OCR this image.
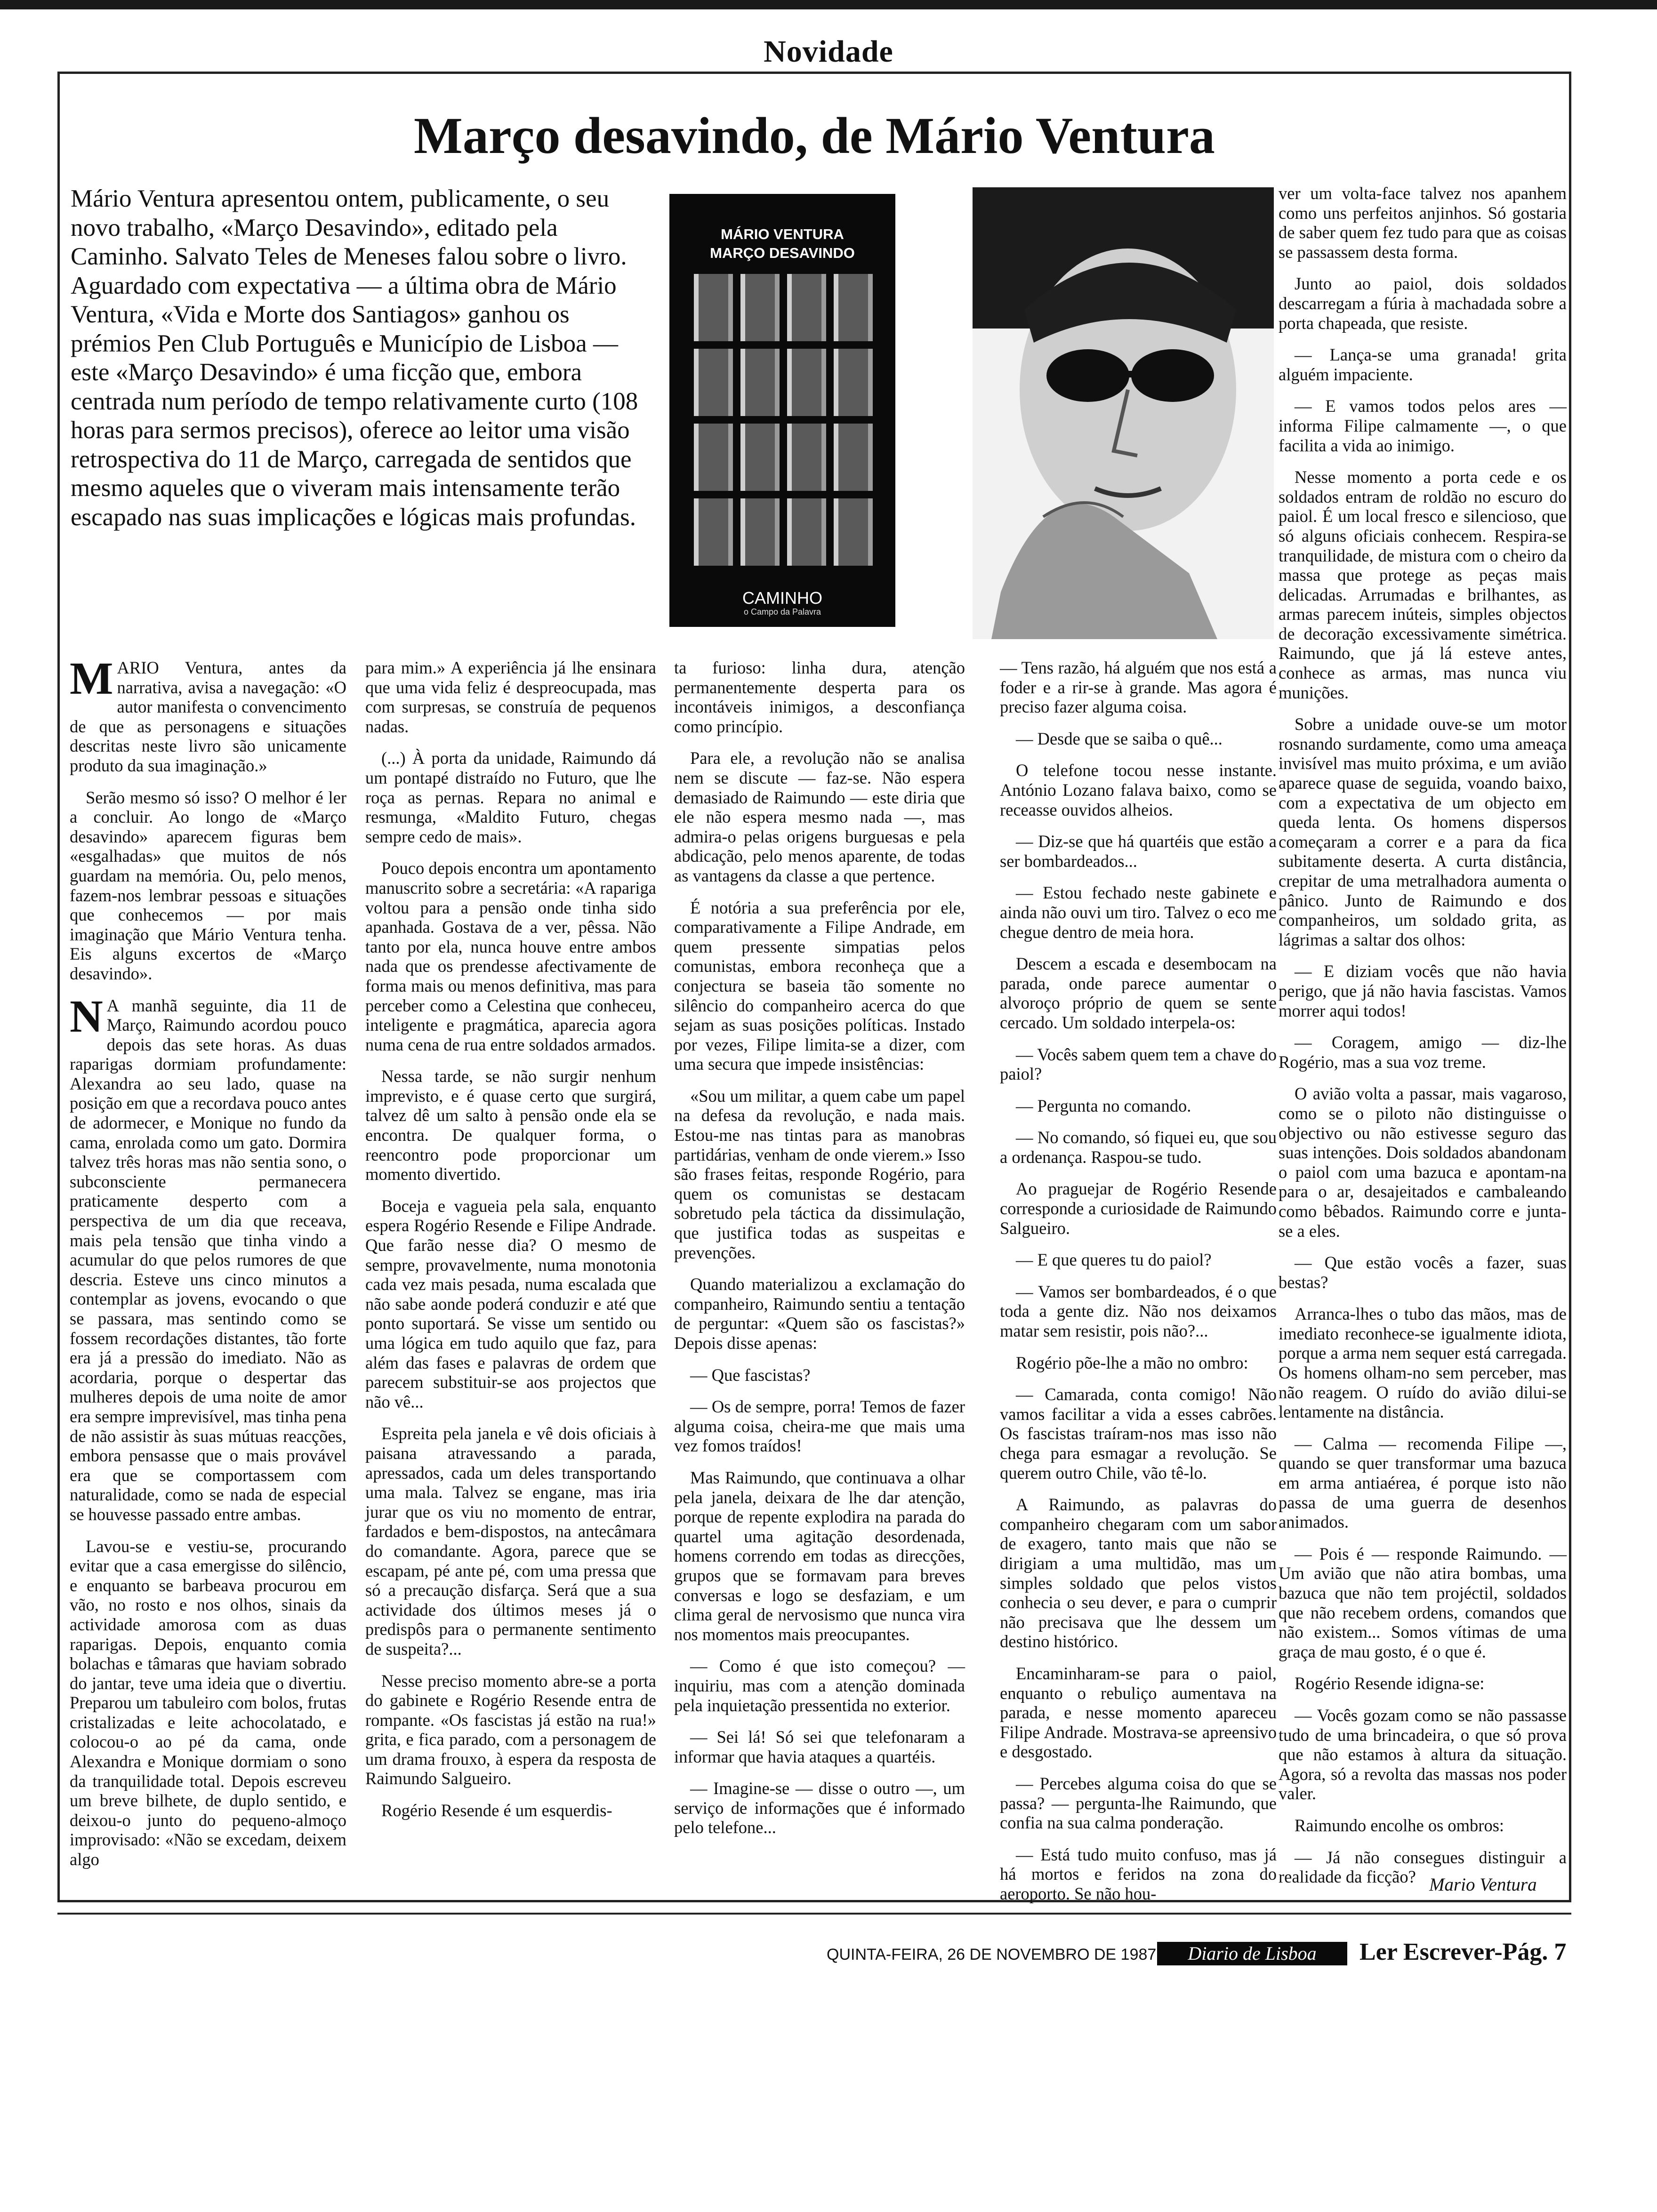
Novidade
Março desavindo, de Mário Ventura

Mário Ventura apresentou ontem, publicamente, o seu novo trabalho, «Março Desavindo», editado pela Caminho. Salvato Teles de Meneses falou sobre o livro.

Aguardado com expectativa — a última obra de Mário Ventura, «Vida e Morte dos Santiagos» ganhou os prémios Pen Club Português e Município de Lisboa — este «Março Desavindo» é uma ficção que, embora centrada num período de tempo relativamente curto (108 horas para sermos precisos), oferece ao leitor uma visão retrospectiva do 11 de Março, carregada de sentidos que mesmo aqueles que o viveram mais intensamente terão escapado nas suas implicações e lógicas mais profundas.

MÁRIO VENTURA
MARÇO DESAVINDO
CAMINHO
o Campo da Palavra

MARIO Ventura, antes da narrativa, avisa a navegação: «O autor manifesta o convencimento de que as personagens e situações descritas neste livro são unicamente produto da sua imaginação.»

Serão mesmo só isso? O melhor é ler a concluir. Ao longo de «Março desavindo» aparecem figuras bem «esgalhadas» que muitos de nós guardam na memória. Ou, pelo menos, fazem-nos lembrar pessoas e situações que conhecemos — por mais imaginação que Mário Ventura tenha. Eis alguns excertos de «Março desavindo».

N A manhã seguinte, dia 11 de Março, Raimundo acordou pouco depois das sete horas. As duas raparigas dormiam profundamente: Alexandra ao seu lado, quase na posição em que a recordava pouco antes de adormecer, e Monique no fundo da cama, enrolada como um gato. Dormira talvez três horas mas não sentia sono, o subconsciente permanecera praticamente desperto com a perspectiva de um dia que receava, mais pela tensão que tinha vindo a acumular do que pelos rumores de que descria. Esteve uns cinco minutos a contemplar as jovens, evocando o que se passara, mas sentindo como se fossem recordações distantes, tão forte era já a pressão do imediato. Não as acordaria, porque o despertar das mulheres depois de uma noite de amor era sempre imprevisível, mas tinha pena de não assistir às suas mútuas reacções, embora pensasse que o mais provável era que se comportassem com naturalidade, como se nada de especial se houvesse passado entre ambas.

Lavou-se e vestiu-se, procurando evitar que a casa emergisse do silêncio, e enquanto se barbeava procurou em vão, no rosto e nos olhos, sinais da actividade amorosa com as duas raparigas. Depois, enquanto comia bolachas e tâmaras que haviam sobrado do jantar, teve uma ideia que o divertiu. Preparou um tabuleiro com bolos, frutas cristalizadas e leite achocolatado, e colocou-o ao pé da cama, onde Alexandra e Monique dormiam o sono da tranquilidade total. Depois escreveu um breve bilhete, de duplo sentido, e deixou-o junto do pequeno-almoço improvisado: «Não se excedam, deixem algo

para mim.» A experiência já lhe ensinara que uma vida feliz é despreocupada, mas com surpresas, se construía de pequenos nadas.

(...) À porta da unidade, Raimundo dá um pontapé distraído no Futuro, que lhe roça as pernas. Repara no animal e resmunga, «Maldito Futuro, chegas sempre cedo de mais».

Pouco depois encontra um apontamento manuscrito sobre a secretária: «A rapariga voltou para a pensão onde tinha sido apanhada. Gostava de a ver, pêssa. Não tanto por ela, nunca houve entre ambos nada que os prendesse afectivamente de forma mais ou menos definitiva, mas para perceber como a Celestina que conheceu, inteligente e pragmática, aparecia agora numa cena de rua entre soldados armados.

Nessa tarde, se não surgir nenhum imprevisto, e é quase certo que surgirá, talvez dê um salto à pensão onde ela se encontra. De qualquer forma, o reencontro pode proporcionar um momento divertido.

Boceja e vagueia pela sala, enquanto espera Rogério Resende e Filipe Andrade. Que farão nesse dia? O mesmo de sempre, provavelmente, numa monotonia cada vez mais pesada, numa escalada que não sabe aonde poderá conduzir e até que ponto suportará. Se visse um sentido ou uma lógica em tudo aquilo que faz, para além das fases e palavras de ordem que parecem substituir-se aos projectos que não vê...

Espreita pela janela e vê dois oficiais à paisana atravessando a parada, apressados, cada um deles transportando uma mala. Talvez se engane, mas iria jurar que os viu no momento de entrar, fardados e bem-dispostos, na antecâmara do comandante. Agora, parece que se escapam, pé ante pé, com uma pressa que só a precaução disfarça. Será que a sua actividade dos últimos meses já o predispôs para o permanente sentimento de suspeita?...

Nesse preciso momento abre-se a porta do gabinete e Rogério Resende entra de rompante. «Os fascistas já estão na rua!» grita, e fica parado, com a personagem de um drama frouxo, à espera da resposta de Raimundo Salgueiro.

Rogério Resende é um esquerdis-

ta furioso: linha dura, atenção permanentemente desperta para os incontáveis inimigos, a desconfiança como princípio.

Para ele, a revolução não se analisa nem se discute — faz-se. Não espera demasiado de Raimundo — este diria que ele não espera mesmo nada —, mas admira-o pelas origens burguesas e pela abdicação, pelo menos aparente, de todas as vantagens da classe a que pertence.

É notória a sua preferência por ele, comparativamente a Filipe Andrade, em quem pressente simpatias pelos comunistas, embora reconheça que a conjectura se baseia tão somente no silêncio do companheiro acerca do que sejam as suas posições políticas. Instado por vezes, Filipe limita-se a dizer, com uma secura que impede insistências:

«Sou um militar, a quem cabe um papel na defesa da revolução, e nada mais. Estou-me nas tintas para as manobras partidárias, venham de onde vierem.» Isso são frases feitas, responde Rogério, para quem os comunistas se destacam sobretudo pela táctica da dissimulação, que justifica todas as suspeitas e prevenções.

Quando materializou a exclamação do companheiro, Raimundo sentiu a tentação de perguntar: «Quem são os fascistas?» Depois disse apenas:

— Que fascistas?

— Os de sempre, porra! Temos de fazer alguma coisa, cheira-me que mais uma vez fomos traídos!

Mas Raimundo, que continuava a olhar pela janela, deixara de lhe dar atenção, porque de repente explodira na parada do quartel uma agitação desordenada, homens correndo em todas as direcções, grupos que se formavam para breves conversas e logo se desfaziam, e um clima geral de nervosismo que nunca vira nos momentos mais preocupantes.

— Como é que isto começou? — inquiriu, mas com a atenção dominada pela inquietação pressentida no exterior.

— Sei lá! Só sei que telefonaram a informar que havia ataques a quartéis.

— Imagine-se — disse o outro —, um serviço de informações que é informado pelo telefone...

— Tens razão, há alguém que nos está a foder e a rir-se à grande. Mas agora é preciso fazer alguma coisa.

— Desde que se saiba o quê...

O telefone tocou nesse instante. António Lozano falava baixo, como se receasse ouvidos alheios.

— Diz-se que há quartéis que estão a ser bombardeados...

— Estou fechado neste gabinete e ainda não ouvi um tiro. Talvez o eco me chegue dentro de meia hora.

Descem a escada e desembocam na parada, onde parece aumentar o alvoroço próprio de quem se sente cercado. Um soldado interpela-os:

— Vocês sabem quem tem a chave do paiol?

— Pergunta no comando.

— No comando, só fiquei eu, que sou a ordenança. Raspou-se tudo.

Ao praguejar de Rogério Resende corresponde a curiosidade de Raimundo Salgueiro.

— E que queres tu do paiol?

— Vamos ser bombardeados, é o que toda a gente diz. Não nos deixamos matar sem resistir, pois não?...

Rogério põe-lhe a mão no ombro:

— Camarada, conta comigo! Não vamos facilitar a vida a esses cabrões. Os fascistas traíram-nos mas isso não chega para esmagar a revolução. Se querem outro Chile, vão tê-lo.

A Raimundo, as palavras do companheiro chegaram com um sabor de exagero, tanto mais que não se dirigiam a uma multidão, mas um simples soldado que pelos vistos conhecia o seu dever, e para o cumprir não precisava que lhe dessem um destino histórico.

Encaminharam-se para o paiol, enquanto o rebuliço aumentava na parada, e nesse momento apareceu Filipe Andrade. Mostrava-se apreensivo e desgostado.

— Percebes alguma coisa do que se passa? — pergunta-lhe Raimundo, que confia na sua calma ponderação.

— Está tudo muito confuso, mas já há mortos e feridos na zona do aeroporto. Se não hou-

ver um volta-face talvez nos apanhem como uns perfeitos anjinhos. Só gostaria de saber quem fez tudo para que as coisas se passassem desta forma.

Junto ao paiol, dois soldados descarregam a fúria à machadada sobre a porta chapeada, que resiste.

— Lança-se uma granada! grita alguém impaciente.

— E vamos todos pelos ares — informa Filipe calmamente —, o que facilita a vida ao inimigo.

Nesse momento a porta cede e os soldados entram de roldão no escuro do paiol. É um local fresco e silencioso, que só alguns oficiais conhecem. Respira-se tranquilidade, de mistura com o cheiro da massa que protege as peças mais delicadas. Arrumadas e brilhantes, as armas parecem inúteis, simples objectos de decoração excessivamente simétrica. Raimundo, que já lá esteve antes, conhece as armas, mas nunca viu munições.

Sobre a unidade ouve-se um motor rosnando surdamente, como uma ameaça invisível mas muito próxima, e um avião aparece quase de seguida, voando baixo, com a expectativa de um objecto em queda lenta. Os homens dispersos começaram a correr e a para da fica subitamente deserta. A curta distância, crepitar de uma metralhadora aumenta o pânico. Junto de Raimundo e dos companheiros, um soldado grita, as lágrimas a saltar dos olhos:

— E diziam vocês que não havia perigo, que já não havia fascistas. Vamos morrer aqui todos!

— Coragem, amigo — diz-lhe Rogério, mas a sua voz treme.

O avião volta a passar, mais vagaroso, como se o piloto não distinguisse o objectivo ou não estivesse seguro das suas intenções. Dois soldados abandonam o paiol com uma bazuca e apontam-na para o ar, desajeitados e cambaleando como bêbados. Raimundo corre e junta-se a eles.

— Que estão vocês a fazer, suas bestas?

Arranca-lhes o tubo das mãos, mas de imediato reconhece-se igualmente idiota, porque a arma nem sequer está carregada. Os homens olham-no sem perceber, mas não reagem. O ruído do avião dilui-se lentamente na distância.

— Calma — recomenda Filipe —, quando se quer transformar uma bazuca em arma antiaérea, é porque isto não passa de uma guerra de desenhos animados.

— Pois é — responde Raimundo. — Um avião que não atira bombas, uma bazuca que não tem projéctil, soldados que não recebem ordens, comandos que não existem... Somos vítimas de uma graça de mau gosto, é o que é.

Rogério Resende idigna-se:

— Vocês gozam como se não passasse tudo de uma brincadeira, o que só prova que não estamos à altura da situação. Agora, só a revolta das massas nos poder valer.

Raimundo encolhe os ombros:

— Já não consegues distinguir a realidade da ficção? Mario Ventura
QUINTA-FEIRA, 26 DE NOVEMBRO DE 1987	Diario de Lisboa	Ler Escrever-Pág. 7
